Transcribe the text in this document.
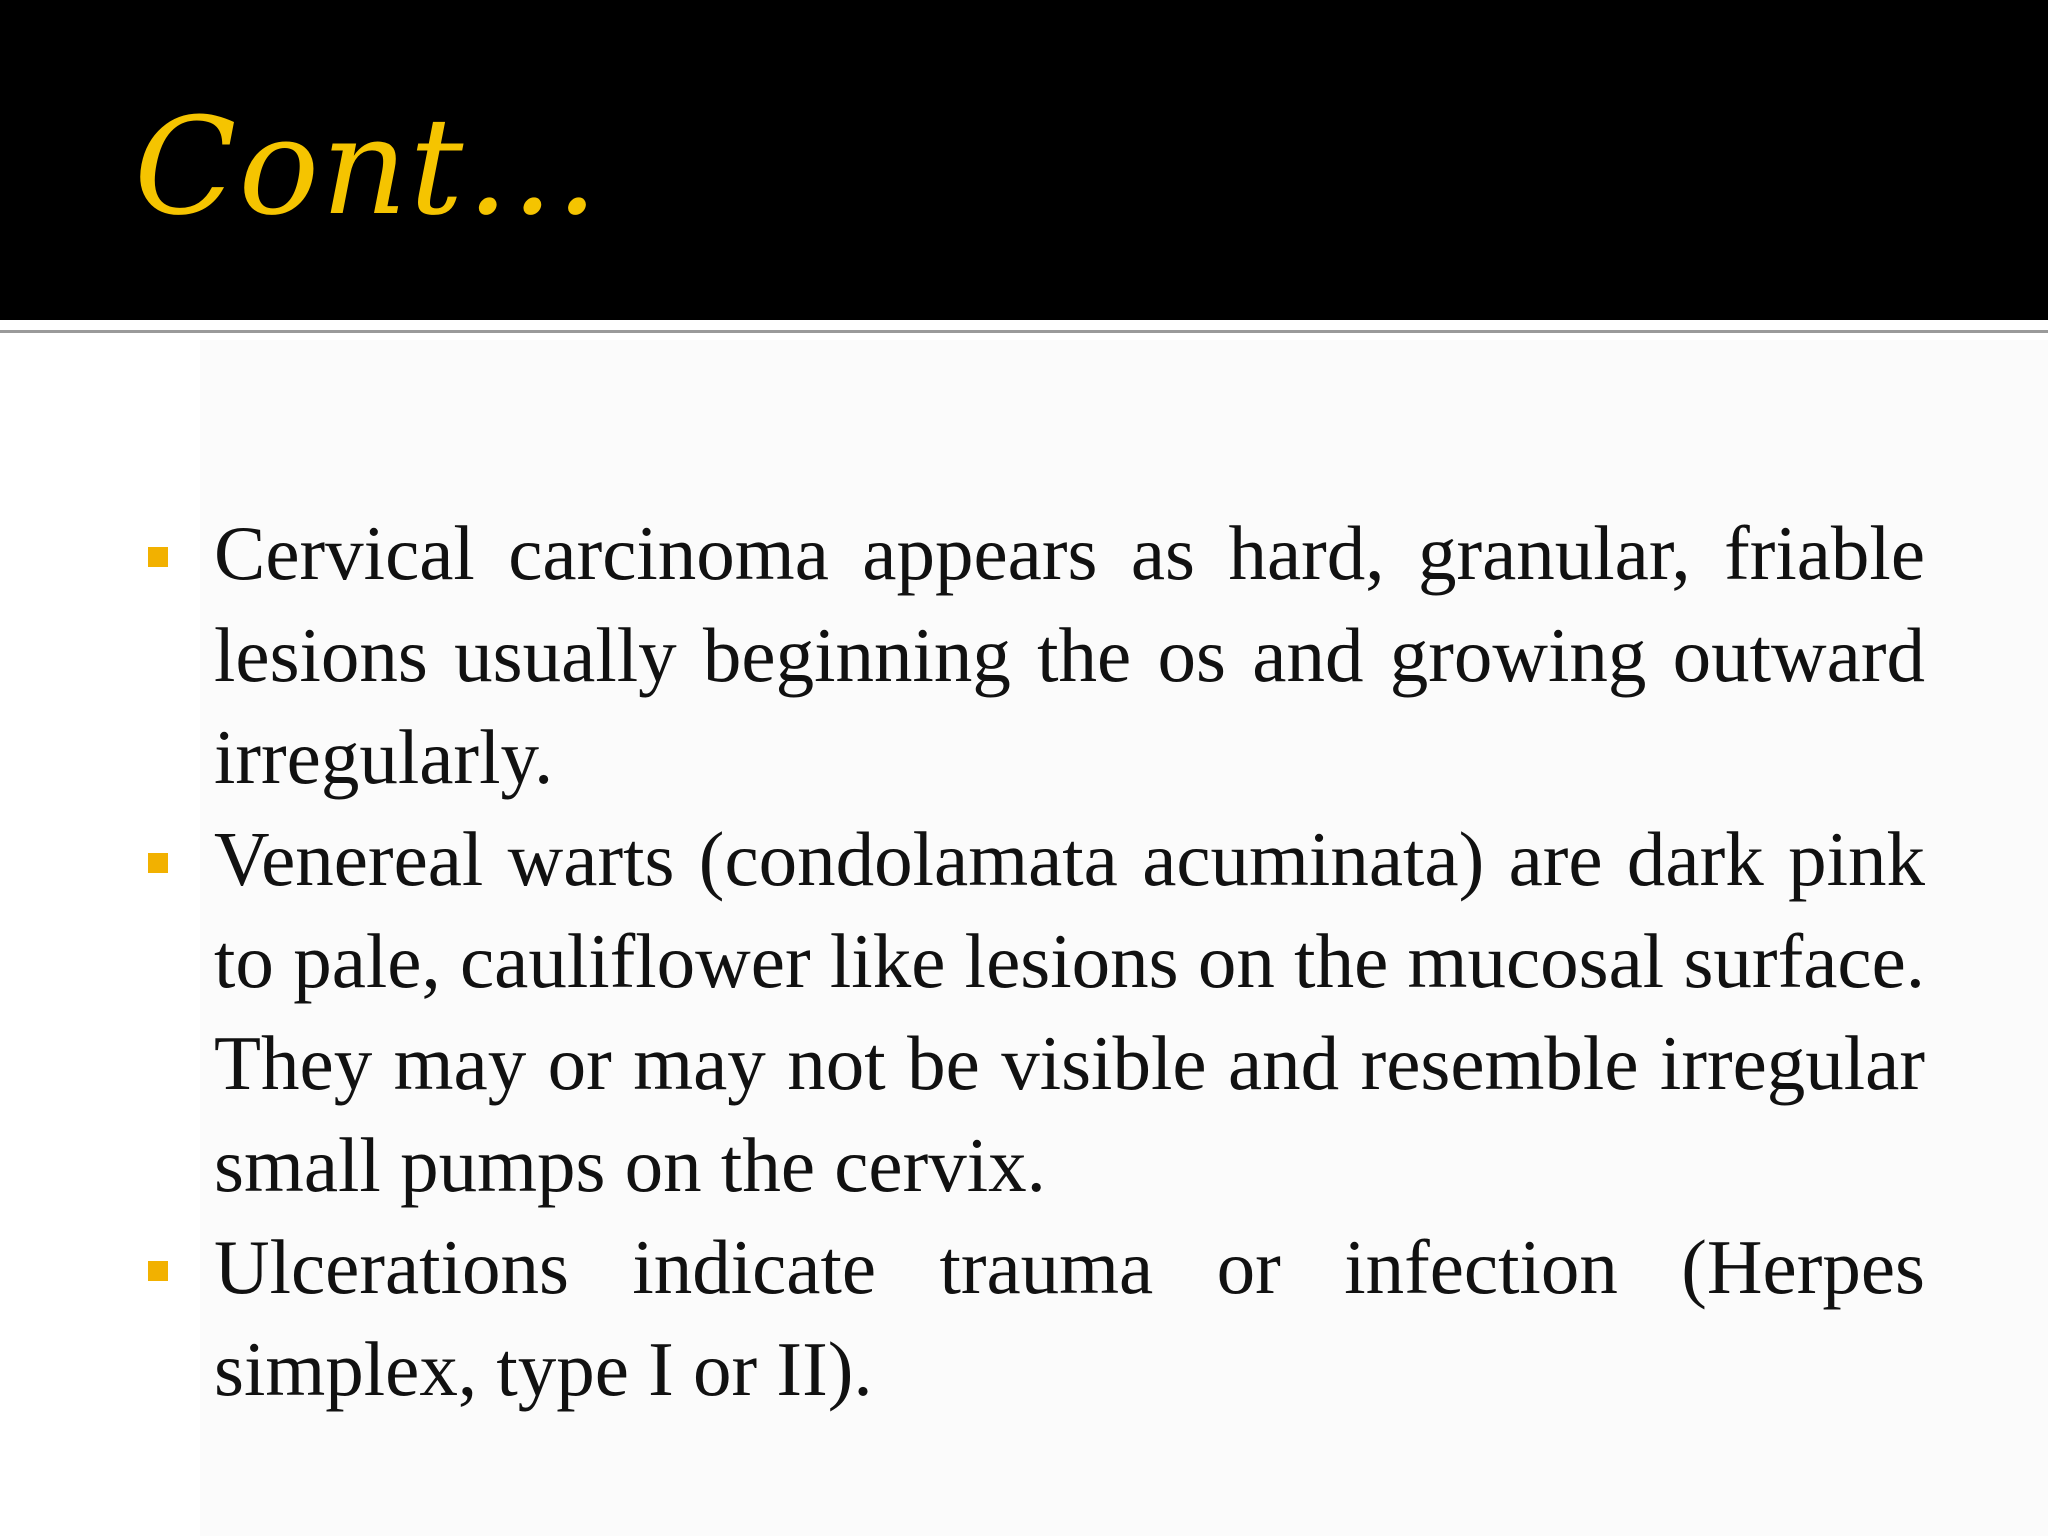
Cont…
Cervical carcinoma appears as hard, granular, friable lesions usually beginning the os and growing outward irregularly.
Venereal warts (condolamata acuminata) are dark pink to pale, cauliflower like lesions on the mucosal surface. They may or may not be visible and resemble irregular small pumps on the cervix.
Ulcerations indicate trauma or infection (Herpes simplex, type I or II).
